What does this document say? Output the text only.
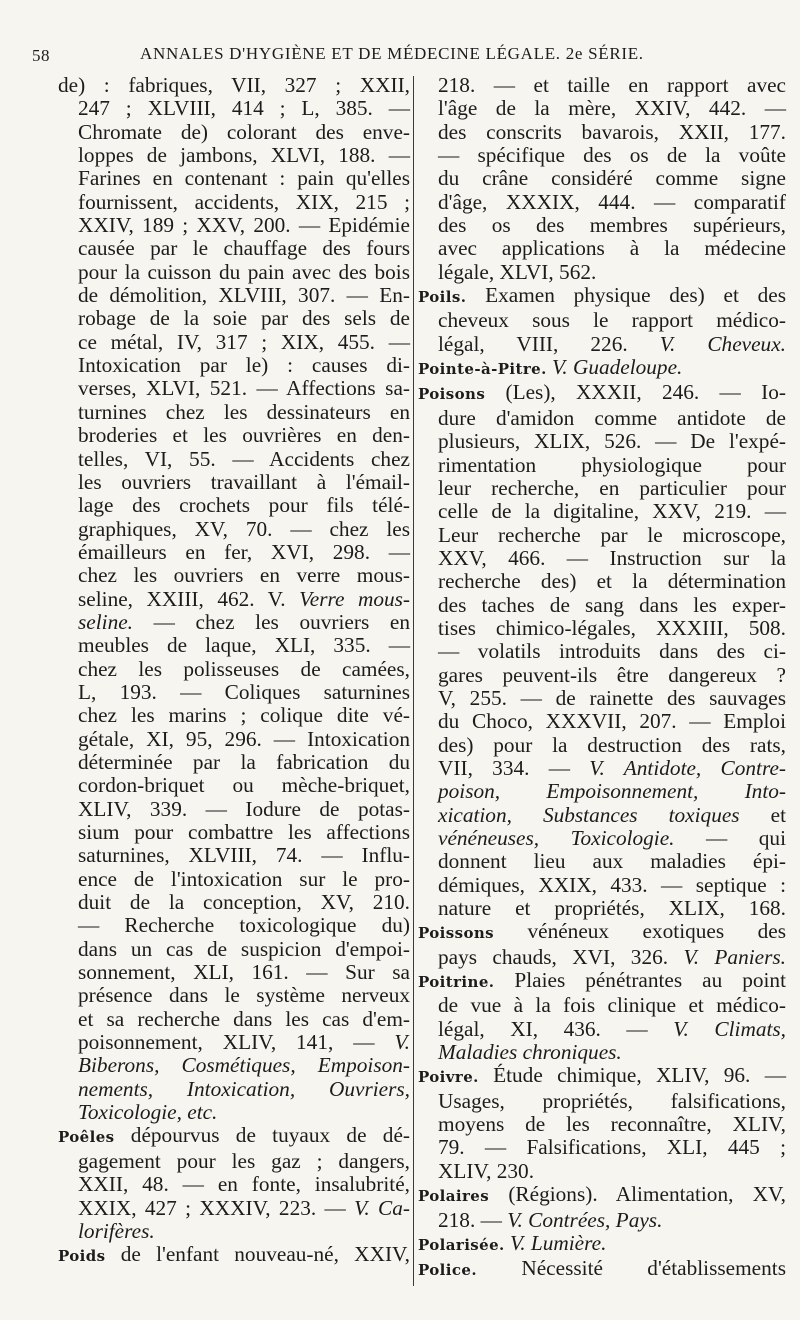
58	ANNALES D'HYGIÈNE ET DE MÉDECINE LÉGALE. 2e SÉRIE.
de) : fabriques, VII, 327 ; XXII,
247 ; XLVIII, 414 ; L, 385. —
Chromate de) colorant des enve-
loppes de jambons, XLVI, 188. —
Farines en contenant : pain qu'elles
fournissent, accidents, XIX, 215 ;
XXIV, 189 ; XXV, 200. — Epidémie
causée par le chauffage des fours
pour la cuisson du pain avec des bois
de démolition, XLVIII, 307. — En-
robage de la soie par des sels de
ce métal, IV, 317 ; XIX, 455. —
Intoxication par le) : causes di-
verses, XLVI, 521. — Affections sa-
turnines chez les dessinateurs en
broderies et les ouvrières en den-
telles, VI, 55. — Accidents chez
les ouvriers travaillant à l'émail-
lage des crochets pour fils télé-
graphiques, XV, 70. — chez les
émailleurs en fer, XVI, 298. —
chez les ouvriers en verre mous-
seline, XXIII, 462. V. Verre mous-
seline. — chez les ouvriers en
meubles de laque, XLI, 335. —
chez les polisseuses de camées,
L, 193. — Coliques saturnines
chez les marins ; colique dite vé-
gétale, XI, 95, 296. — Intoxication
déterminée par la fabrication du
cordon-briquet ou mèche-briquet,
XLIV, 339. — Iodure de potas-
sium pour combattre les affections
saturnines, XLVIII, 74. — Influ-
ence de l'intoxication sur le pro-
duit de la conception, XV, 210.
— Recherche toxicologique du)
dans un cas de suspicion d'empoi-
sonnement, XLI, 161. — Sur sa
présence dans le système nerveux
et sa recherche dans les cas d'em-
poisonnement, XLIV, 141, — V.
Biberons, Cosmétiques, Empoison-
nements, Intoxication, Ouvriers,
Toxicologie, etc.
Poêles dépourvus de tuyaux de dé-
gagement pour les gaz ; dangers,
XXII, 48. — en fonte, insalubrité,
XXIX, 427 ; XXXIV, 223. — V. Ca-
lorifères.
Poids de l'enfant nouveau-né, XXIV,
218. — et taille en rapport avec
l'âge de la mère, XXIV, 442. —
des conscrits bavarois, XXII, 177.
— spécifique des os de la voûte
du crâne considéré comme signe
d'âge, XXXIX, 444. — comparatif
des os des membres supérieurs,
avec applications à la médecine
légale, XLVI, 562.
Poils. Examen physique des) et des
cheveux sous le rapport médico-
légal, VIII, 226. V. Cheveux.
Pointe-à-Pitre. V. Guadeloupe.
Poisons (Les), XXXII, 246. — Io-
dure d'amidon comme antidote de
plusieurs, XLIX, 526. — De l'expé-
rimentation physiologique pour
leur recherche, en particulier pour
celle de la digitaline, XXV, 219. —
Leur recherche par le microscope,
XXV, 466. — Instruction sur la
recherche des) et la détermination
des taches de sang dans les exper-
tises chimico-légales, XXXIII, 508.
— volatils introduits dans des ci-
gares peuvent-ils être dangereux ?
V, 255. — de rainette des sauvages
du Choco, XXXVII, 207. — Emploi
des) pour la destruction des rats,
VII, 334. — V. Antidote, Contre-
poison, Empoisonnement, Into-
xication, Substances toxiques et
vénéneuses, Toxicologie. — qui
donnent lieu aux maladies épi-
démiques, XXIX, 433. — septique :
nature et propriétés, XLIX, 168.
Poissons vénéneux exotiques des
pays chauds, XVI, 326. V. Paniers.
Poitrine. Plaies pénétrantes au point
de vue à la fois clinique et médico-
légal, XI, 436. — V. Climats,
Maladies chroniques.
Poivre. Étude chimique, XLIV, 96. —
Usages, propriétés, falsifications,
moyens de les reconnaître, XLIV,
79. — Falsifications, XLI, 445 ;
XLIV, 230.
Polaires (Régions). Alimentation, XV,
218. — V. Contrées, Pays.
Polarisée. V. Lumière.
Police. Nécessité d'établissements
